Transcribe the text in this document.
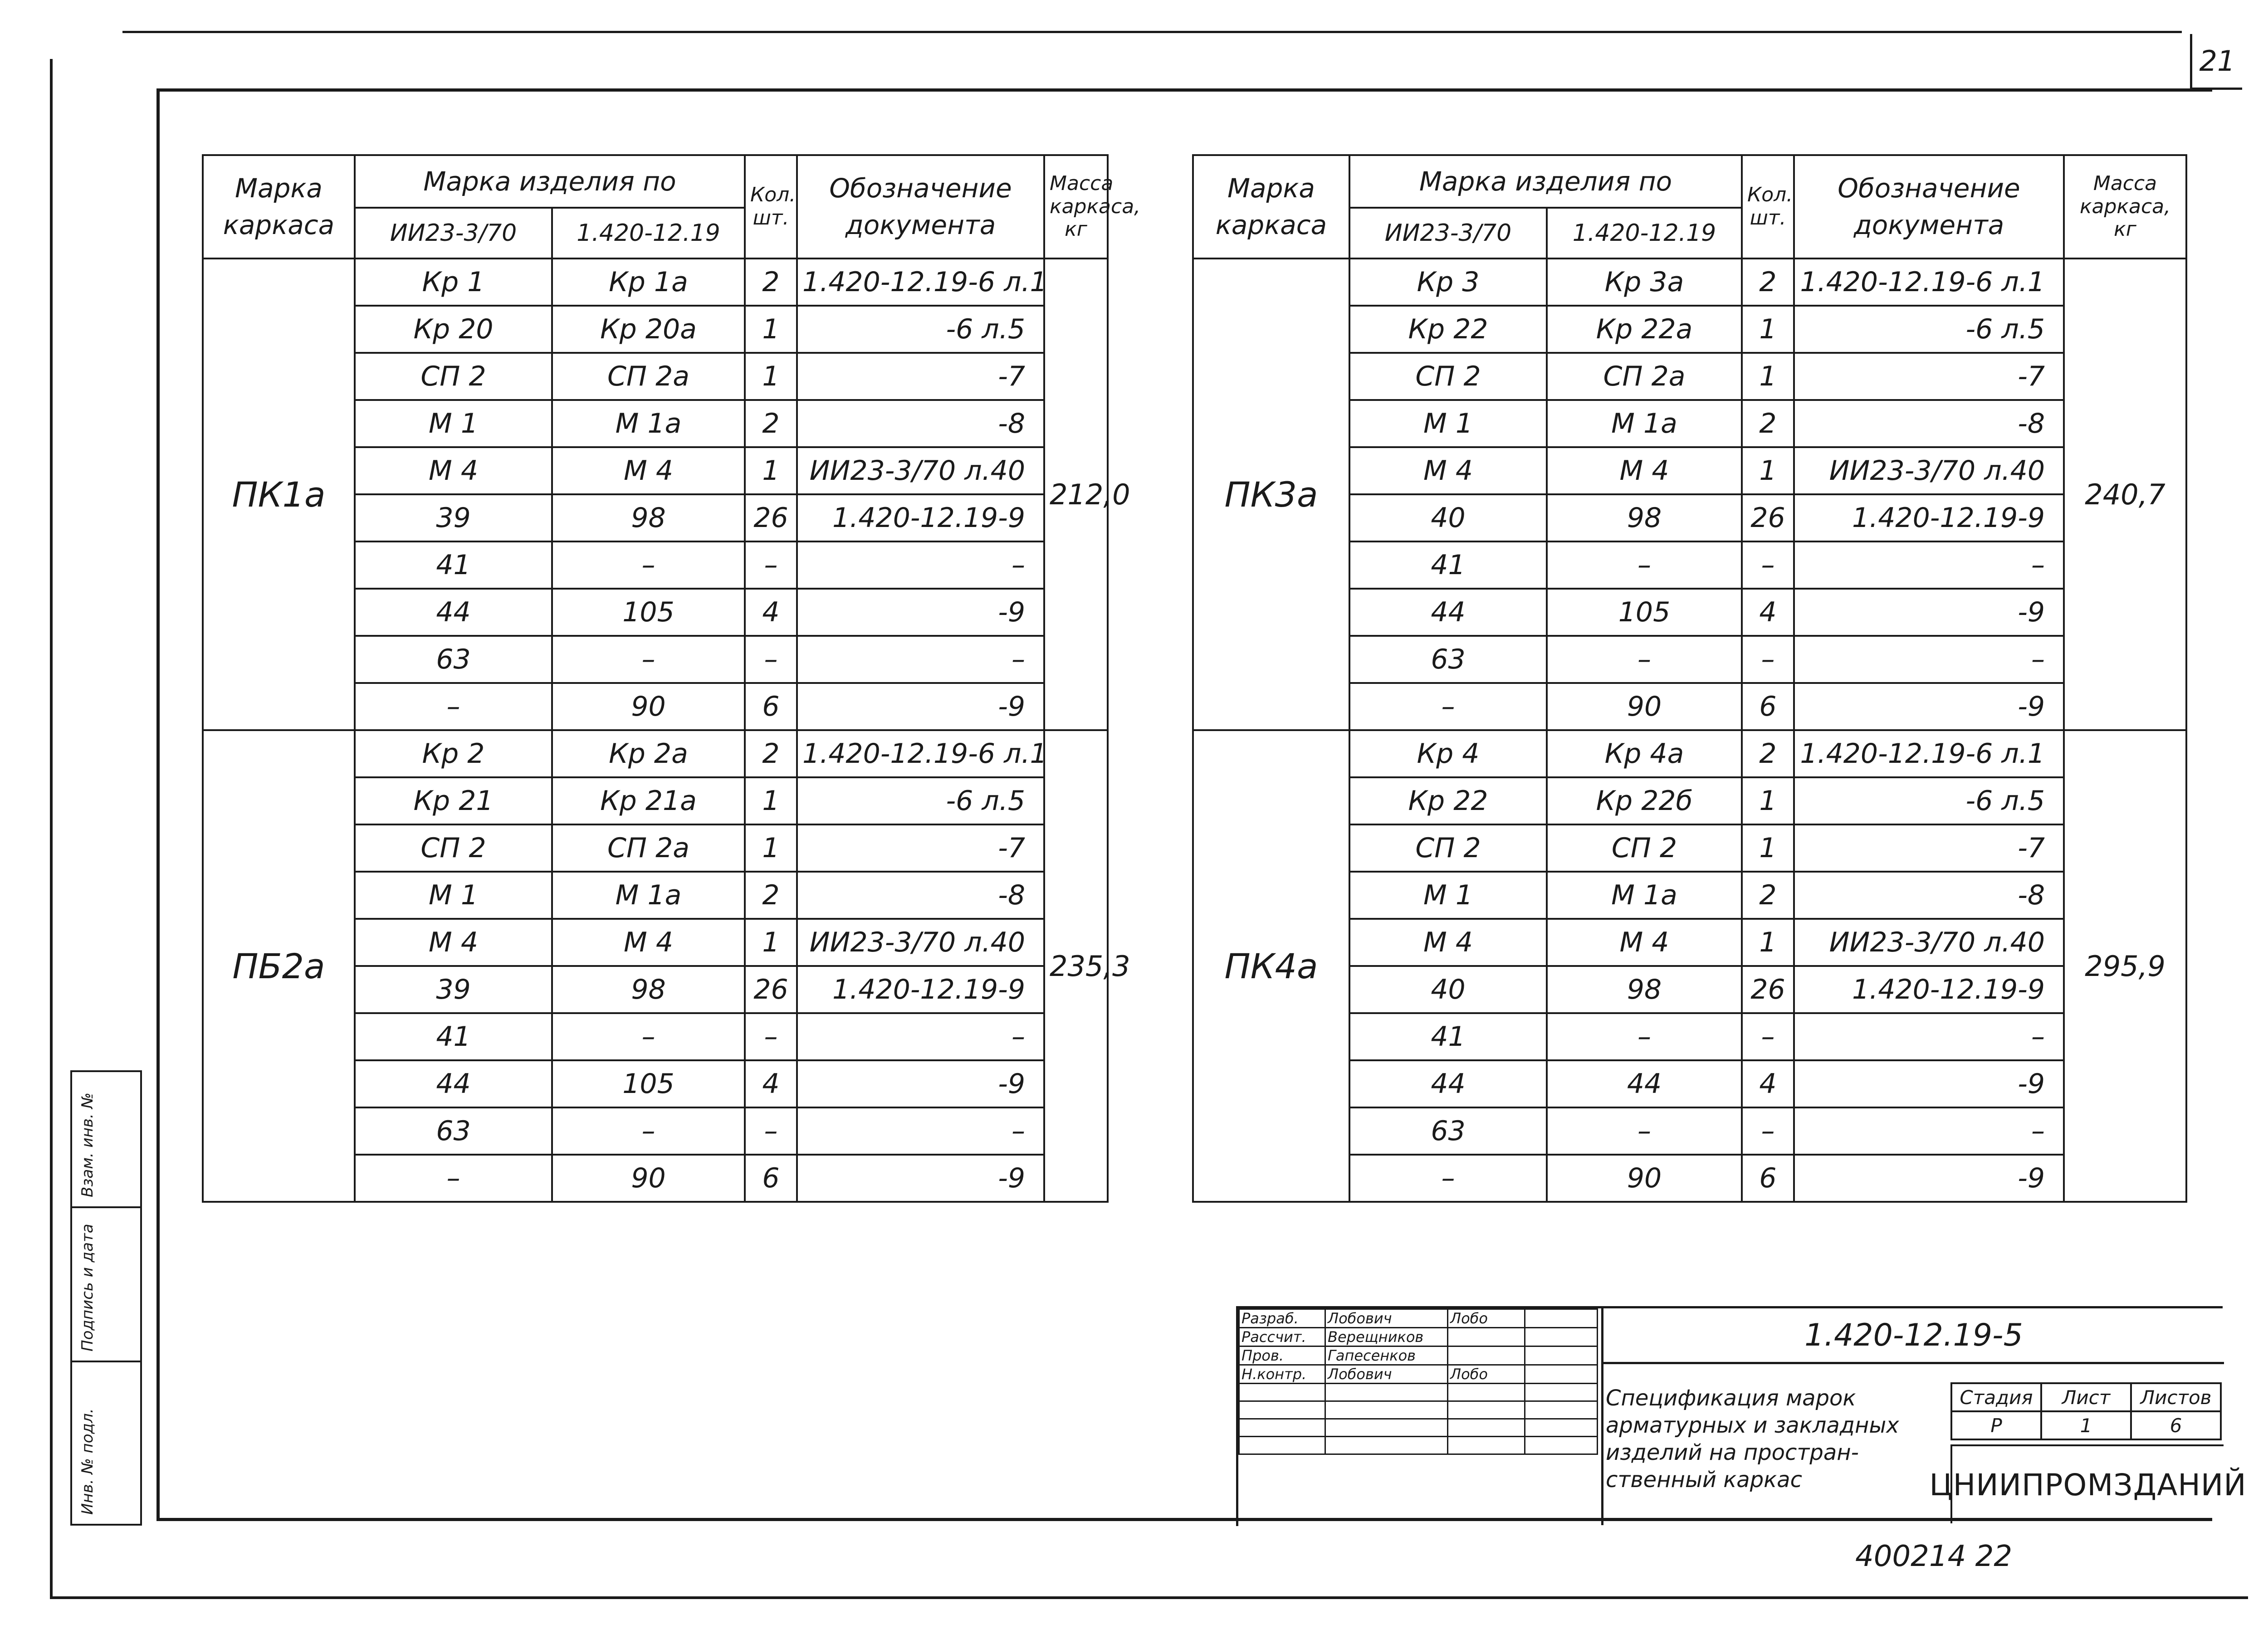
21
Марка каркаса	Марка изделия по		Кол. шт.	Обозначение документа	Масса каркаса, кг
	ИИ23-3/70	1.420-12.19			
ПК1а	Кр 1	Кр 1а	2	1.420-12.19-6 л.1	212,0
	Кр 20	Кр 20а	1	-6 л.5	
	СП 2	СП 2а	1	-7	
	М 1	М 1а	2	-8	
	М 4	М 4	1	ИИ23-3/70 л.40	
	39	98	26	1.420-12.19-9	
	41	–	–	–	
	44	105	4	-9	
	63	–	–	–	
	–	90	6	-9	
ПБ2а	Кр 2	Кр 2а	2	1.420-12.19-6 л.1	235,3
	Кр 21	Кр 21а	1	-6 л.5	
	СП 2	СП 2а	1	-7	
	М 1	М 1а	2	-8	
	М 4	М 4	1	ИИ23-3/70 л.40	
	39	98	26	1.420-12.19-9	
	41	–	–	–	
	44	105	4	-9	
	63	–	–	–	
	–	90	6	-9	
Марка каркаса	Марка изделия по		Кол. шт.	Обозначение документа	Масса каркаса, кг
	ИИ23-3/70	1.420-12.19			
ПК3а	Кр 3	Кр 3а	2	1.420-12.19-6 л.1	240,7
	Кр 22	Кр 22а	1	-6 л.5	
	СП 2	СП 2а	1	-7	
	М 1	М 1а	2	-8	
	М 4	М 4	1	ИИ23-3/70 л.40	
	40	98	26	1.420-12.19-9	
	41	–	–	–	
	44	105	4	-9	
	63	–	–	–	
	–	90	6	-9	
ПК4а	Кр 4	Кр 4а	2	1.420-12.19-6 л.1	295,9
	Кр 22	Кр 22б	1	-6 л.5	
	СП 2	СП 2	1	-7	
	М 1	М 1а	2	-8	
	М 4	М 4	1	ИИ23-3/70 л.40	
	40	98	26	1.420-12.19-9	
	41	–	–	–	
	44	44	4	-9	
	63	–	–	–	
	–	90	6	-9	
Взам. инв. №
Подпись и дата
Инв. № подл.
Разраб.	Лобович	Лобо	
Рассчит.	Верещников		
Пров.	Гапесенков		
Н.контр.	Лобович	Лобо	

1.420-12.19-5
Спецификация марок арматурных и закладных изделий на простран-ственный каркас
Стадия	Лист	Листов
Р	1	6
ЦНИИПРОМЗДАНИЙ
400214 22
